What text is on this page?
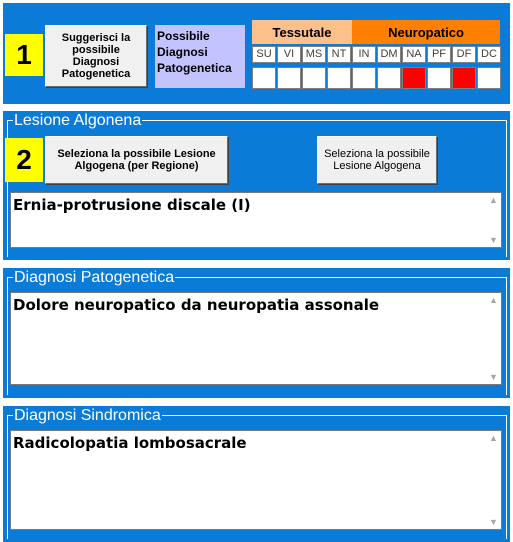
1
Suggerisci la possibile Diagnosi Patogenetica
Possibile Diagnosi Patogenetica
Tessutale	Neuropatico
SU	VI	MS NT	IN DM NA PF DF DC
Lesione Algonena
2	Seleziona la possibile Lesione Algogena (per Regione)
Seleziona la possibile Lesione Algogena
Ernia-protrusione discale (I)	▲
▼
Diagnosi Patogenetica
Dolore neuropatico da neuropatia assonale	▲
▼
Diagnosi Sindromica
Radicolopatia lombosacrale	▲
▼
